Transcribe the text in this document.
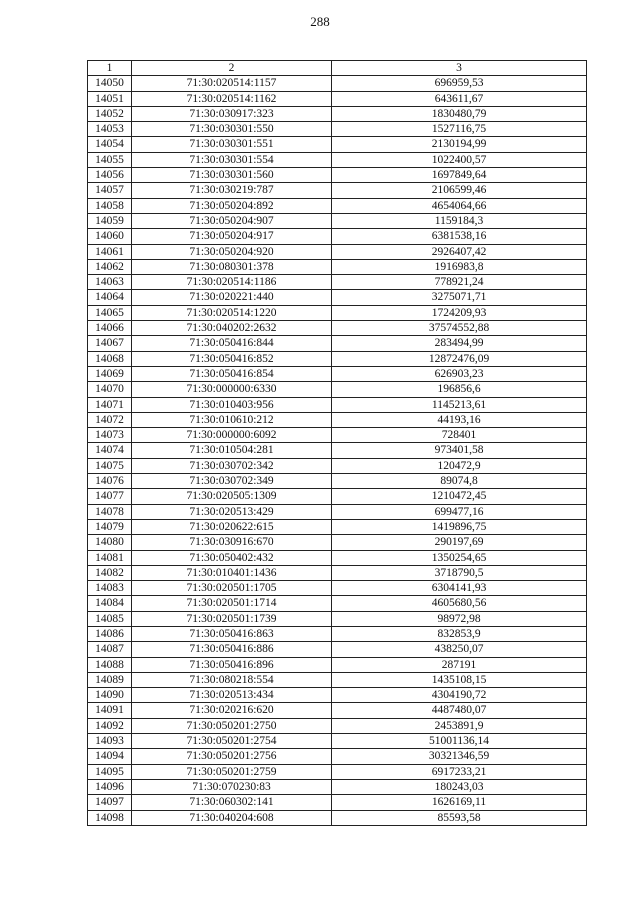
288
1	2	3
14050	71:30:020514:1157	696959,53
14051	71:30:020514:1162	643611,67
14052	71:30:030917:323	1830480,79
14053	71:30:030301:550	1527116,75
14054	71:30:030301:551	2130194,99
14055	71:30:030301:554	1022400,57
14056	71:30:030301:560	1697849,64
14057	71:30:030219:787	2106599,46
14058	71:30:050204:892	4654064,66
14059	71:30:050204:907	1159184,3
14060	71:30:050204:917	6381538,16
14061	71:30:050204:920	2926407,42
14062	71:30:080301:378	1916983,8
14063	71:30:020514:1186	778921,24
14064	71:30:020221:440	3275071,71
14065	71:30:020514:1220	1724209,93
14066	71:30:040202:2632	37574552,88
14067	71:30:050416:844	283494,99
14068	71:30:050416:852	12872476,09
14069	71:30:050416:854	626903,23
14070	71:30:000000:6330	196856,6
14071	71:30:010403:956	1145213,61
14072	71:30:010610:212	44193,16
14073	71:30:000000:6092	728401
14074	71:30:010504:281	973401,58
14075	71:30:030702:342	120472,9
14076	71:30:030702:349	89074,8
14077	71:30:020505:1309	1210472,45
14078	71:30:020513:429	699477,16
14079	71:30:020622:615	1419896,75
14080	71:30:030916:670	290197,69
14081	71:30:050402:432	1350254,65
14082	71:30:010401:1436	3718790,5
14083	71:30:020501:1705	6304141,93
14084	71:30:020501:1714	4605680,56
14085	71:30:020501:1739	98972,98
14086	71:30:050416:863	832853,9
14087	71:30:050416:886	438250,07
14088	71:30:050416:896	287191
14089	71:30:080218:554	1435108,15
14090	71:30:020513:434	4304190,72
14091	71:30:020216:620	4487480,07
14092	71:30:050201:2750	2453891,9
14093	71:30:050201:2754	51001136,14
14094	71:30:050201:2756	30321346,59
14095	71:30:050201:2759	6917233,21
14096	71:30:070230:83	180243,03
14097	71:30:060302:141	1626169,11
14098	71:30:040204:608	85593,58
